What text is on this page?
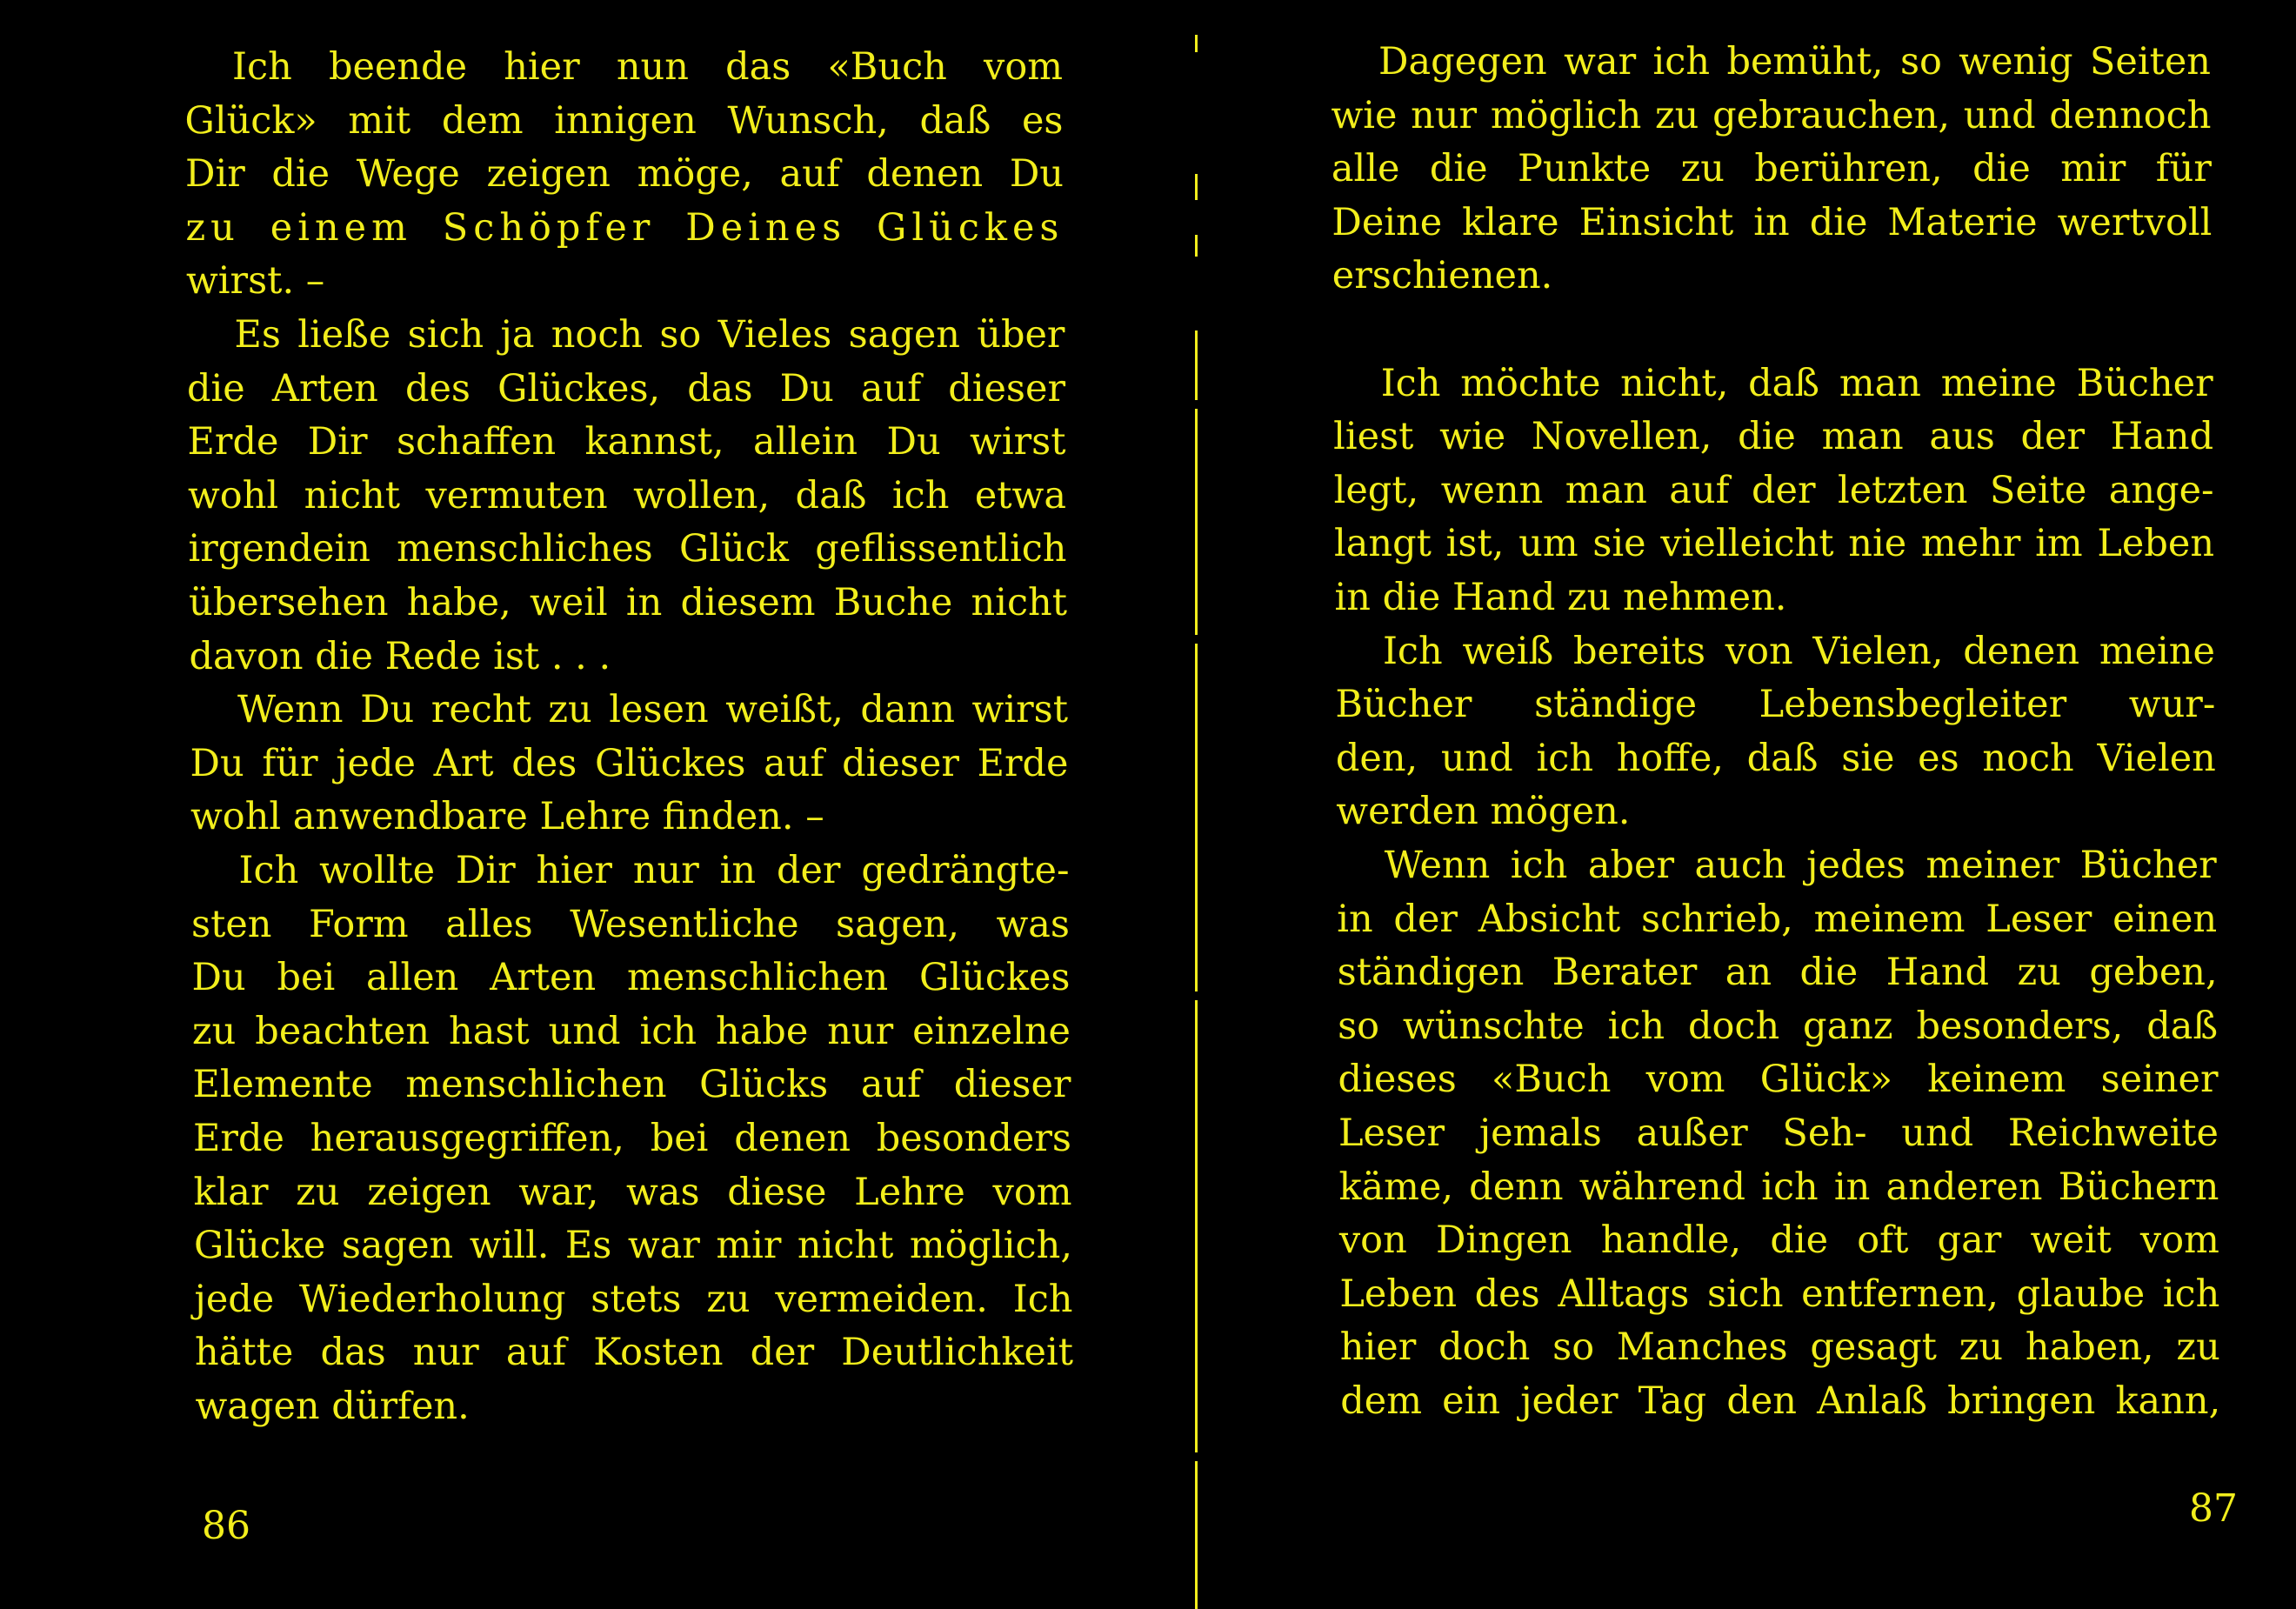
Ich beende hier nun das «Buch vom
Glück» mit dem innigen Wunsch, daß es
Dir die Wege zeigen möge, auf denen Du
zu einem Schöpfer Deines Glückes
wirst. –
Es ließe sich ja noch so Vieles sagen über
die Arten des Glückes, das Du auf dieser
Erde Dir schaffen kannst, allein Du wirst
wohl nicht vermuten wollen, daß ich etwa
irgendein menschliches Glück geflissentlich
übersehen habe, weil in diesem Buche nicht
davon die Rede ist . . .
Wenn Du recht zu lesen weißt, dann wirst
Du für jede Art des Glückes auf dieser Erde
wohl anwendbare Lehre finden. –
Ich wollte Dir hier nur in der gedrängte-
sten Form alles Wesentliche sagen, was
Du bei allen Arten menschlichen Glückes
zu beachten hast und ich habe nur einzelne
Elemente menschlichen Glücks auf dieser
Erde herausgegriffen, bei denen besonders
klar zu zeigen war, was diese Lehre vom
Glücke sagen will. Es war mir nicht möglich,
jede Wiederholung stets zu vermeiden. Ich
hätte das nur auf Kosten der Deutlichkeit
wagen dürfen.
86
Dagegen war ich bemüht, so wenig Seiten
wie nur möglich zu gebrauchen, und dennoch
alle die Punkte zu berühren, die mir für
Deine klare Einsicht in die Materie wertvoll
erschienen.
Ich möchte nicht, daß man meine Bücher
liest wie Novellen, die man aus der Hand
legt, wenn man auf der letzten Seite ange-
langt ist, um sie vielleicht nie mehr im Leben
in die Hand zu nehmen.
Ich weiß bereits von Vielen, denen meine
Bücher ständige Lebensbegleiter wur-
den, und ich hoffe, daß sie es noch Vielen
werden mögen.
Wenn ich aber auch jedes meiner Bücher
in der Absicht schrieb, meinem Leser einen
ständigen Berater an die Hand zu geben,
so wünschte ich doch ganz besonders, daß
dieses «Buch vom Glück» keinem seiner
Leser jemals außer Seh- und Reichweite
käme, denn während ich in anderen Büchern
von Dingen handle, die oft gar weit vom
Leben des Alltags sich entfernen, glaube ich
hier doch so Manches gesagt zu haben, zu
dem ein jeder Tag den Anlaß bringen kann,
87
